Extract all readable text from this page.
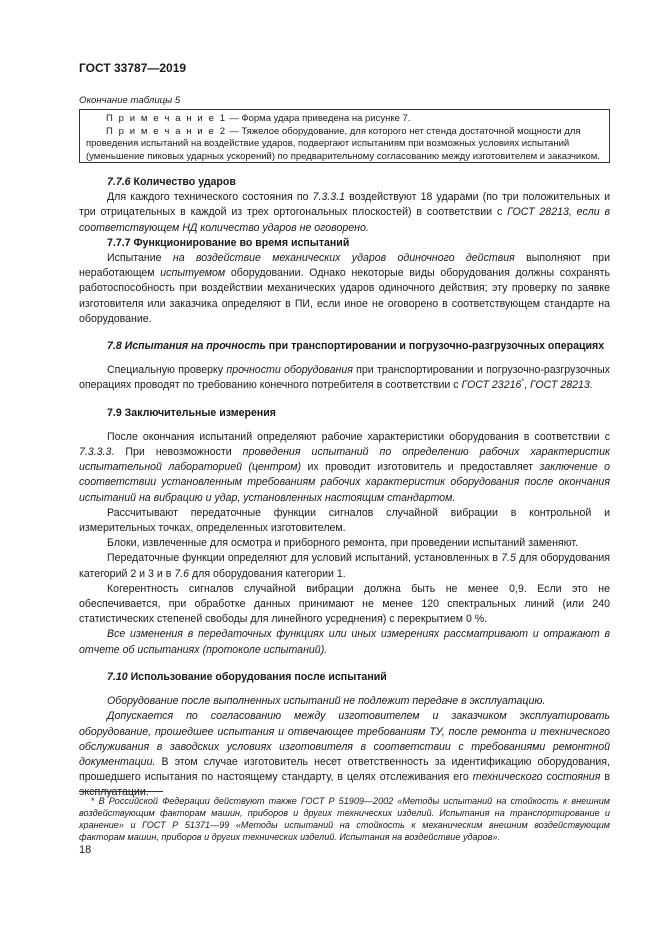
ГОСТ 33787—2019
Окончание таблицы 5

П р и м е ч а н и е 1 — Форма удара приведена на рисунке 7.

П р и м е ч а н и е 2 — Тяжелое оборудование, для которого нет стенда достаточной мощности для проведения испытаний на воздействие ударов, подвергают испытаниям при возможных условиях испытаний (уменьшение пиковых ударных ускорений) по предварительному согласованию между изготовителем и заказчиком.

7.7.6 Количество ударов

Для каждого технического состояния по 7.3.3.1 воздействуют 18 ударами (по три положительных и три отрицательных в каждой из трех ортогональных плоскостей) в соответствии с ГОСТ 28213, если в соответствующем НД количество ударов не оговорено.

7.7.7 Функционирование во время испытаний

Испытание на воздействие механических ударов одиночного действия выполняют при неработающем испытуемом оборудовании. Однако некоторые виды оборудования должны сохранять работоспособность при воздействии механических ударов одиночного действия; эту проверку по заявке изготовителя или заказчика определяют в ПИ, если иное не оговорено в соответствующем стандарте на оборудование.

7.8 Испытания на прочность при транспортировании и погрузочно-разгрузочных операциях

Специальную проверку прочности оборудования при транспортировании и погрузочно-разгрузочных операциях проводят по требованию конечного потребителя в соответствии с ГОСТ 23216*, ГОСТ 28213.

7.9 Заключительные измерения

После окончания испытаний определяют рабочие характеристики оборудования в соответствии с 7.3.3.3. При невозможности проведения испытаний по определению рабочих характеристик испытательной лабораторией (центром) их проводит изготовитель и предоставляет заключение о соответствии установленным требованиям рабочих характеристик оборудования после окончания испытаний на вибрацию и удар, установленных настоящим стандартом.

Рассчитывают передаточные функции сигналов случайной вибрации в контрольной и измерительных точках, определенных изготовителем.

Блоки, извлеченные для осмотра и приборного ремонта, при проведении испытаний заменяют.

Передаточные функции определяют для условий испытаний, установленных в 7.5 для оборудования категорий 2 и 3 и в 7.6 для оборудования категории 1.

Когерентность сигналов случайной вибрации должна быть не менее 0,9. Если это не обеспечивается, при обработке данных принимают не менее 120 спектральных линий (или 240 статистических степеней свободы для линейного усреднения) с перекрытием 0 %.

Все изменения в передаточных функциях или иных измерениях рассматривают и отражают в отчете об испытаниях (протоколе испытаний).

7.10 Использование оборудования после испытаний

Оборудование после выполненных испытаний не подлежит передаче в эксплуатацию.

Допускается по согласованию между изготовителем и заказчиком эксплуатировать оборудование, прошедшее испытания и отвечающее требованиям ТУ, после ремонта и технического обслуживания в заводских условиях изготовителя в соответствии с требованиями ремонтной документации. В этом случае изготовитель несет ответственность за идентификацию оборудования, прошедшего испытания по настоящему стандарту, в целях отслеживания его технического состояния в эксплуатации.

* В Российской Федерации действуют также ГОСТ Р 51909—2002 «Методы испытаний на стойкость к внешним воздействующим факторам машин, приборов и других технических изделий. Испытания на транспортирование и хранение» и ГОСТ Р 51371—99 «Методы испытаний на стойкость к механическим внешним воздействующим факторам машин, приборов и других технических изделий. Испытания на воздействие ударов».
18
